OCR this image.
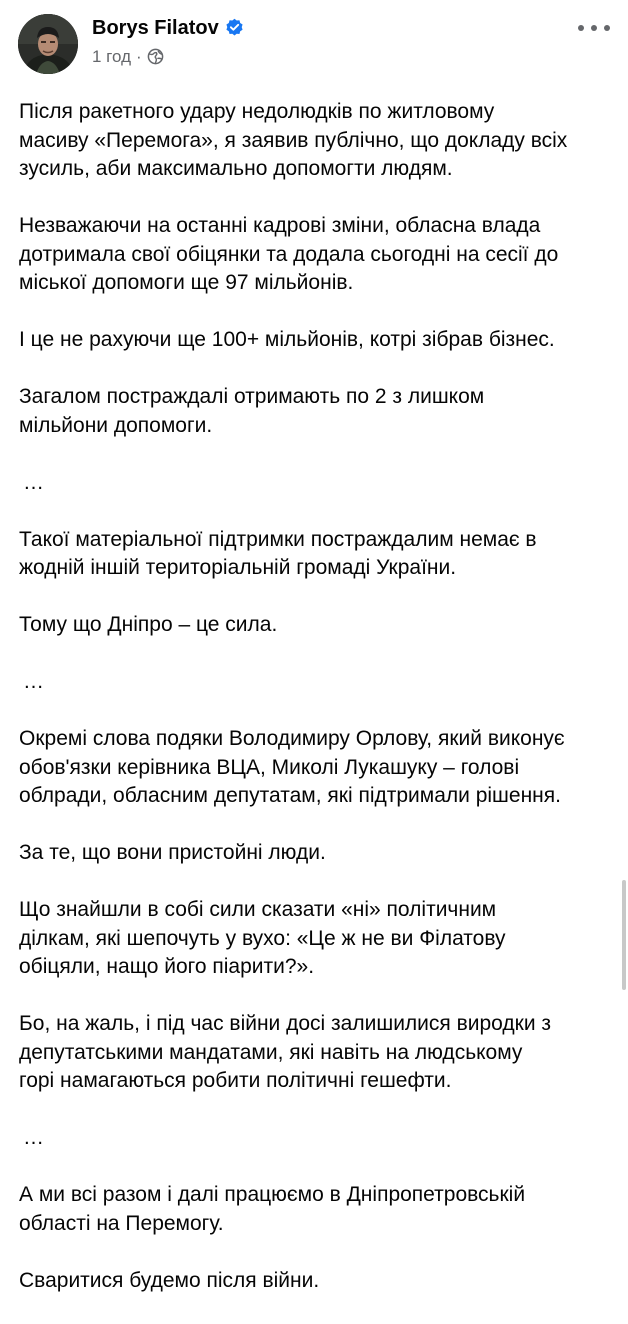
Borys Filatov
1 год ·

Після ракетного удару недолюдків по житловому
масиву «Перемога», я заявив публічно, що докладу всіх
зусиль, аби максимально допомогти людям.

Незважаючи на останні кадрові зміни, обласна влада
дотримала свої обіцянки та додала сьогодні на сесії до
міської допомоги ще 97 мільйонів.

І це не рахуючи ще 100+ мільйонів, котрі зібрав бізнес.

Загалом постраждалі отримають по 2 з лишком
мільйони допомоги.

…

Такої матеріальної підтримки постраждалим немає в
жодній іншій територіальній громаді України.

Тому що Дніпро – це сила.

…

Окремі слова подяки Володимиру Орлову, який виконує
обов'язки керівника ВЦА, Миколі Лукашуку – голові
облради, обласним депутатам, які підтримали рішення.

За те, що вони пристойні люди.

Що знайшли в собі сили сказати «ні» політичним
ділкам, які шепочуть у вухо: «Це ж не ви Філатову
обіцяли, нащо його піарити?».

Бо, на жаль, і під час війни досі залишилися виродки з
депутатськими мандатами, які навіть на людському
горі намагаються робити політичні гешефти.

…

А ми всі разом і далі працюємо в Дніпропетровській
області на Перемогу.

Сваритися будемо після війни.
